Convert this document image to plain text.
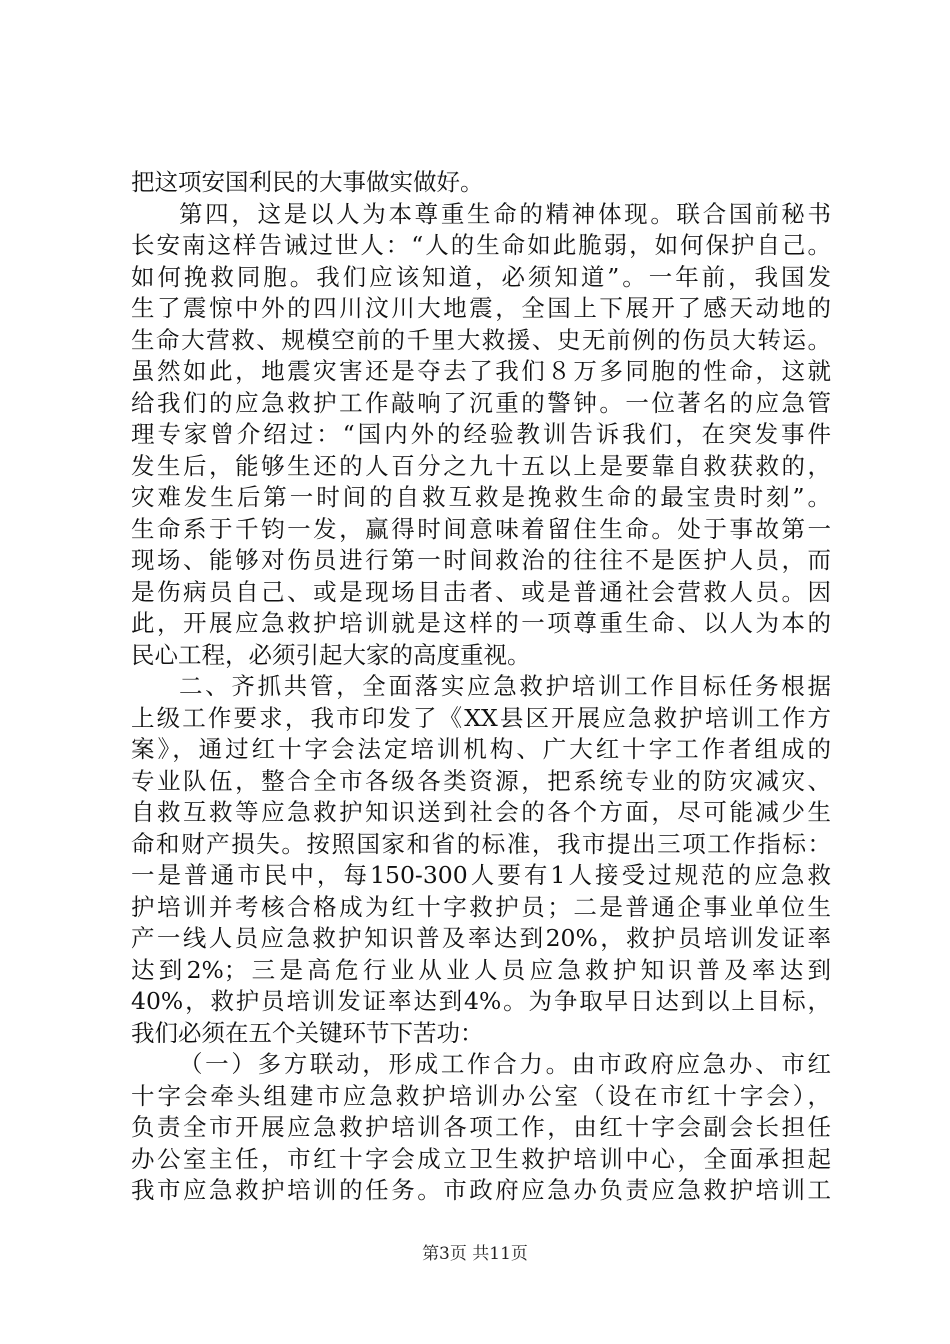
把这项安国利民的大事做实做好。
第四，这是以人为本尊重生命的精神体现。联合国前秘书
长安南这样告诫过世人：“人的生命如此脆弱，如何保护自己。
如何挽救同胞。我们应该知道，必须知道”。一年前，我国发
生了震惊中外的四川汶川大地震，全国上下展开了感天动地的
生命大营救、规模空前的千里大救援、史无前例的伤员大转运。
虽然如此，地震灾害还是夺去了我们８万多同胞的性命，这就
给我们的应急救护工作敲响了沉重的警钟。一位著名的应急管
理专家曾介绍过：“国内外的经验教训告诉我们，在突发事件
发生后，能够生还的人百分之九十五以上是要靠自救获救的，
灾难发生后第一时间的自救互救是挽救生命的最宝贵时刻”。
生命系于千钧一发，赢得时间意味着留住生命。处于事故第一
现场、能够对伤员进行第一时间救治的往往不是医护人员，而
是伤病员自己、或是现场目击者、或是普通社会营救人员。因
此，开展应急救护培训就是这样的一项尊重生命、以人为本的
民心工程，必须引起大家的高度重视。
二、齐抓共管，全面落实应急救护培训工作目标任务根据
上级工作要求，我市印发了《XX县区开展应急救护培训工作方
案》，通过红十字会法定培训机构、广大红十字工作者组成的
专业队伍，整合全市各级各类资源，把系统专业的防灾减灾、
自救互救等应急救护知识送到社会的各个方面，尽可能减少生
命和财产损失。按照国家和省的标准，我市提出三项工作指标：
一是普通市民中，每150-300人要有1人接受过规范的应急救
护培训并考核合格成为红十字救护员；二是普通企事业单位生
产一线人员应急救护知识普及率达到20%，救护员培训发证率
达到2%；三是高危行业从业人员应急救护知识普及率达到
40%，救护员培训发证率达到4%。为争取早日达到以上目标，
我们必须在五个关键环节下苦功：
（一）多方联动，形成工作合力。由市政府应急办、市红
十字会牵头组建市应急救护培训办公室（设在市红十字会），
负责全市开展应急救护培训各项工作，由红十字会副会长担任
办公室主任，市红十字会成立卫生救护培训中心，全面承担起
我市应急救护培训的任务。市政府应急办负责应急救护培训工
第3页 共11页
